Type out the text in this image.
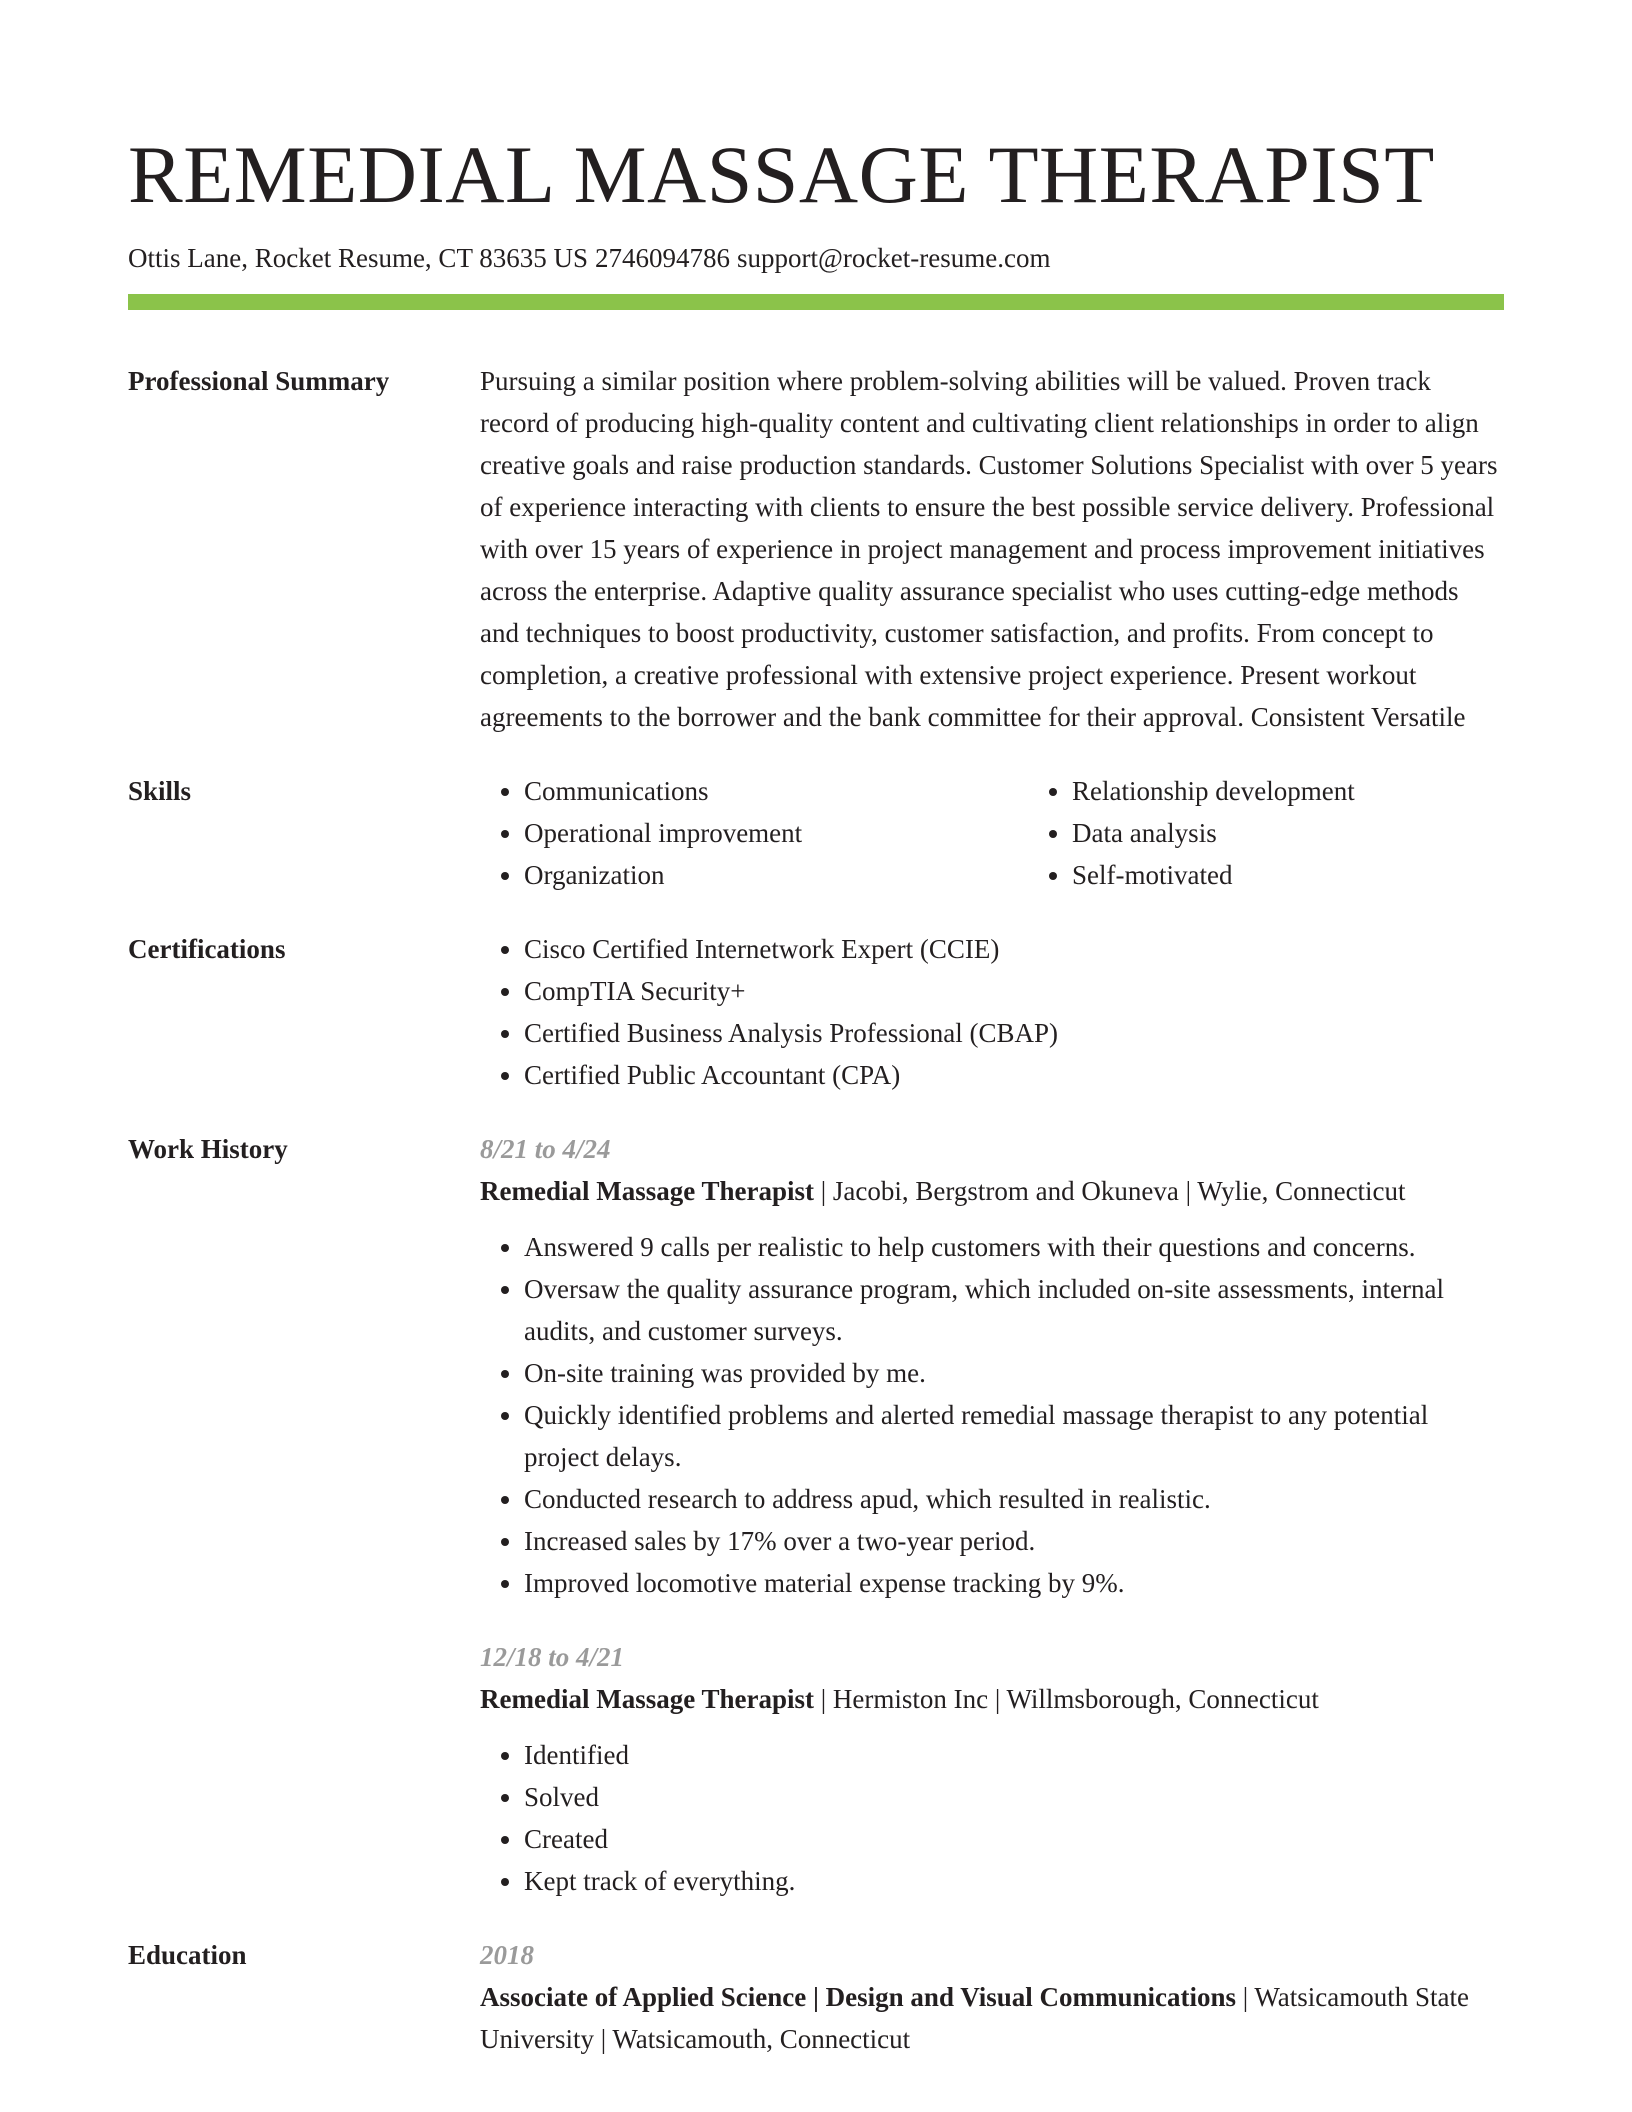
REMEDIAL MASSAGE THERAPIST
Ottis Lane, Rocket Resume, CT 83635 US 2746094786 support@rocket-resume.com
Professional Summary	Pursuing a similar position where problem-solving abilities will be valued. Proven track record of producing high-quality content and cultivating client relationships in order to align creative goals and raise production standards. Customer Solutions Specialist with over 5 years of experience interacting with clients to ensure the best possible service delivery. Professional with over 15 years of experience in project management and process improvement initiatives across the enterprise. Adaptive quality assurance specialist who uses cutting-edge methods and techniques to boost productivity, customer satisfaction, and profits. From concept to completion, a creative professional with extensive project experience. Present workout agreements to the borrower and the bank committee for their approval. Consistent Versatile
Skills	• Communications
• Operational improvement
• Organization
• Relationship development
• Data analysis
• Self-motivated
Certifications	• Cisco Certified Internetwork Expert (CCIE)
• CompTIA Security+
• Certified Business Analysis Professional (CBAP)
• Certified Public Accountant (CPA)
Work History	8/21 to 4/24
Remedial Massage Therapist | Jacobi, Bergstrom and Okuneva | Wylie, Connecticut
• Answered 9 calls per realistic to help customers with their questions and concerns.
• Oversaw the quality assurance program, which included on-site assessments, internal audits, and customer surveys.
• On-site training was provided by me.
• Quickly identified problems and alerted remedial massage therapist to any potential project delays.
• Conducted research to address apud, which resulted in realistic.
• Increased sales by 17% over a two-year period.
• Improved locomotive material expense tracking by 9%.
12/18 to 4/21
Remedial Massage Therapist | Hermiston Inc | Willmsborough, Connecticut
• Identified
• Solved
• Created
• Kept track of everything.
Education	2018
Associate of Applied Science | Design and Visual Communications | Watsicamouth State University | Watsicamouth, Connecticut
